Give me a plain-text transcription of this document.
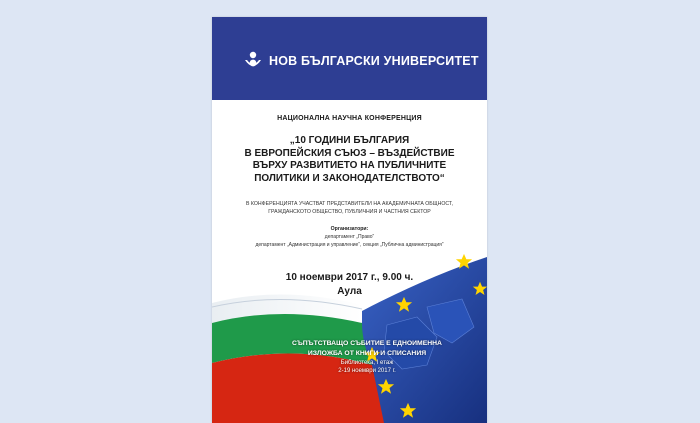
НОВ БЪЛГАРСКИ УНИВЕРСИТЕТ
НАЦИОНАЛНА НАУЧНА КОНФЕРЕНЦИЯ
„10 ГОДИНИ БЪЛГАРИЯ
В ЕВРОПЕЙСКИЯ СЪЮЗ – ВЪЗДЕЙСТВИЕ
ВЪРХУ РАЗВИТИЕТО НА ПУБЛИЧНИТЕ
ПОЛИТИКИ И ЗАКОНОДАТЕЛСТВОТО“
В КОНФЕРЕНЦИЯТА УЧАСТВАТ ПРЕДСТАВИТЕЛИ НА АКАДЕМИЧНАТА ОБЩНОСТ,
ГРАЖДАНСКОТО ОБЩЕСТВО, ПУБЛИЧНИЯ И ЧАСТНИЯ СЕКТОР
Организатори:
департамент „Право“
департамент „Администрация и управление“, секция „Публична администрация“
10 ноември 2017 г., 9.00 ч.
Аула
СЪПЪТСТВАЩО СЪБИТИЕ Е ЕДНОИМЕННА
ИЗЛОЖБА ОТ КНИГИ И СПИСАНИЯ
Библиотека, I етаж
2-19 ноември 2017 г.
